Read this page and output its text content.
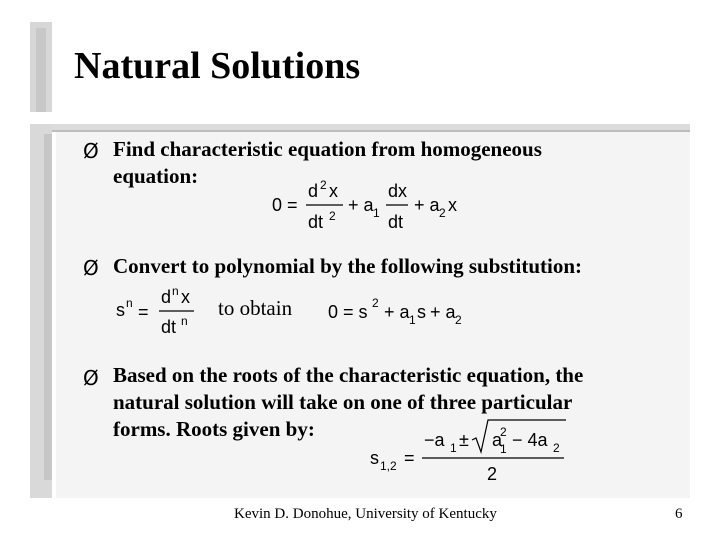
Natural Solutions
Ø Find characteristic equation from homogeneous
equation:
0 =
d 2 x
dt 2
+ a 1
dx
dt
+ a 2 x
Ø Convert to polynomial by the following substitution:
s n =
d n x
dt n
to obtain 0 = s 2 + a 1 s + a 2
Ø Based on the roots of the characteristic equation, the
natural solution will take on one of three particular
forms. Roots given by:
s 1,2 =
−a 1 ± a
2
1 − 4a 2
2
Kevin D. Donohue, University of Kentucky	6
